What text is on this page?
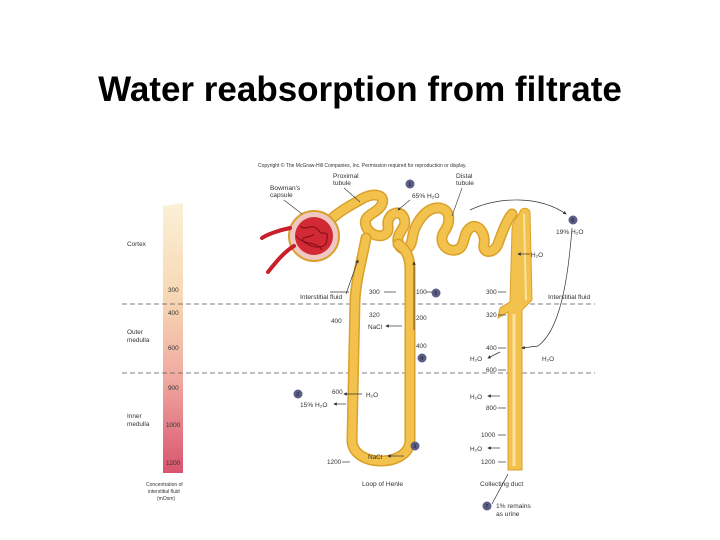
Water reabsorption from filtrate
Copyright © The McGraw-Hill Companies, Inc. Permission required for reproduction or display.
300
400
600
900
1000
1200
Concentration of
interstitial fluid
(mOsm)
Cortex
Outer
medulla
Inner
medulla
Bowman's
capsule
Proximal
tubule
Distal
tubule
Interstitial fluid	Interstitial fluid
Loop of Henle	Collecting duct
1
65% H₂O
2
15% H₂O
3
4
5
6
19% H₂O
7 1% remains
as urine
300
320
400
600
1200
100
200
400
300
320
400
600
800
1000
1200
H₂O
NaCl
NaCl
H₂O
H₂O	H₂O
H₂O
H₂O
